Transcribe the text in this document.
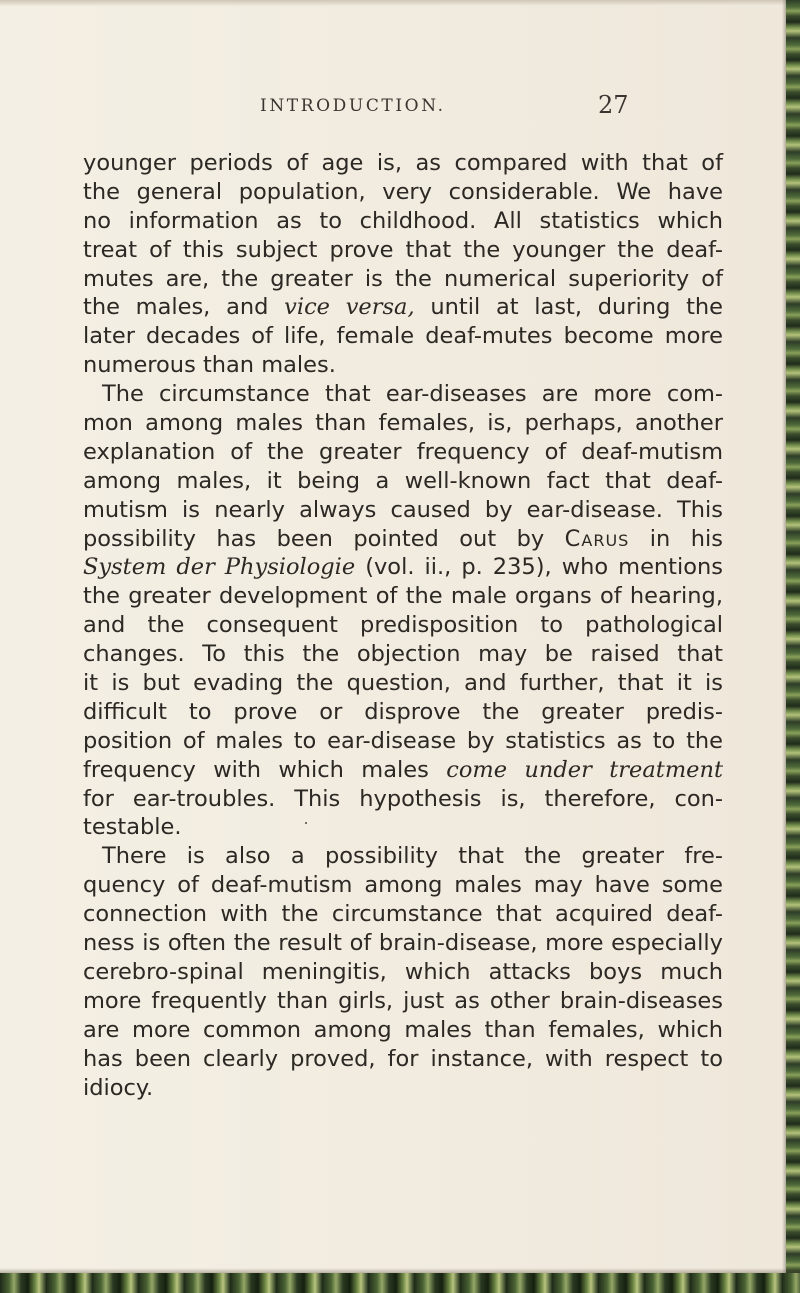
INTRODUCTION.	27
younger periods of age is, as compared with that of
the general population, very considerable. We have
no information as to childhood. All statistics which
treat of this subject prove that the younger the deaf-
mutes are, the greater is the numerical superiority of
the males, and vice versa, until at last, during the
later decades of life, female deaf-mutes become more
numerous than males.
The circumstance that ear-diseases are more com-
mon among males than females, is, perhaps, another
explanation of the greater frequency of deaf-mutism
among males, it being a well-known fact that deaf-
mutism is nearly always caused by ear-disease. This
possibility has been pointed out by Carus in his
System der Physiologie (vol. ii., p. 235), who mentions
the greater development of the male organs of hearing,
and the consequent predisposition to pathological
changes. To this the objection may be raised that
it is but evading the question, and further, that it is
difficult to prove or disprove the greater predis-
position of males to ear-disease by statistics as to the
frequency with which males come under treatment
for ear-troubles. This hypothesis is, therefore, con-
testable.
There is also a possibility that the greater fre-
quency of deaf-mutism among males may have some
connection with the circumstance that acquired deaf-
ness is often the result of brain-disease, more especially
cerebro-spinal meningitis, which attacks boys much
more frequently than girls, just as other brain-diseases
are more common among males than females, which
has been clearly proved, for instance, with respect to
idiocy.
